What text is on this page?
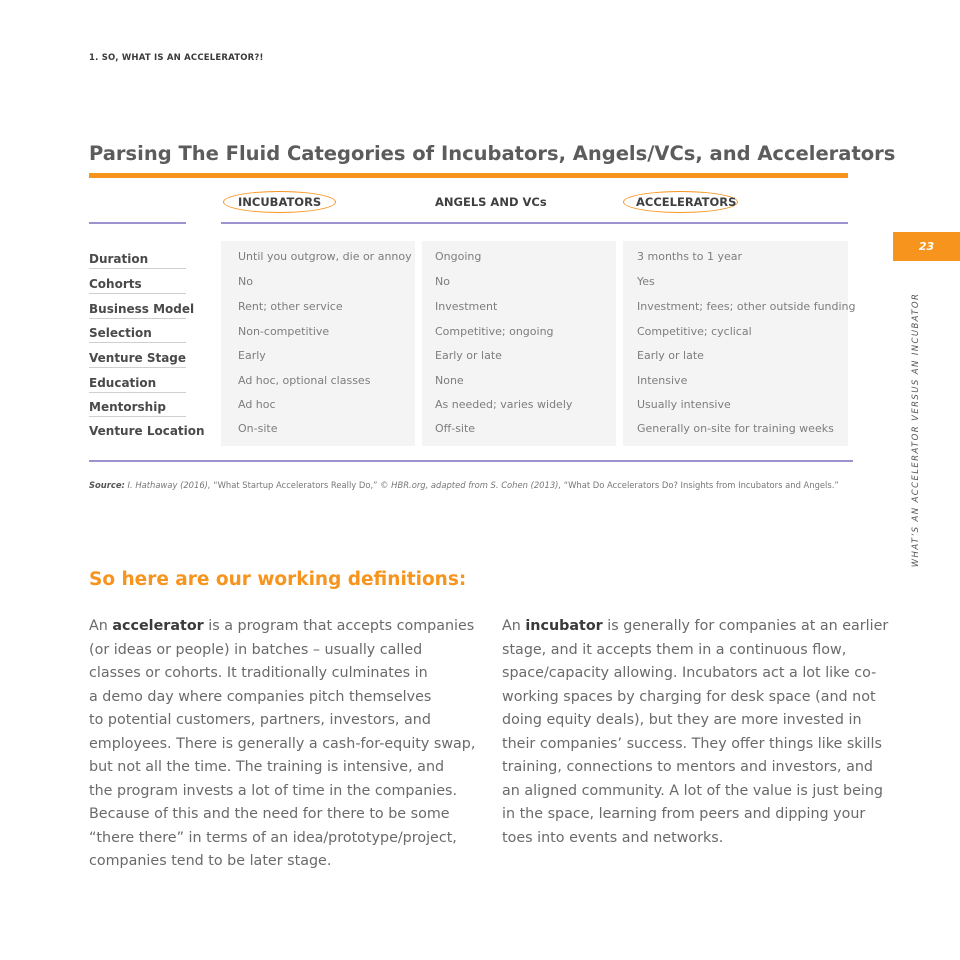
1. SO, WHAT IS AN ACCELERATOR?!
23
WHAT’S AN ACCELERATOR VERSUS AN INCUBATOR
Parsing The Fluid Categories of Incubators, Angels/VCs, and Accelerators
INCUBATORS	ANGELS AND VCs	ACCELERATORS
Duration
Cohorts
Business Model
Selection
Venture Stage
Education
Mentorship
Venture Location
Until you outgrow, die or annoy
No
Rent; other service
Non-competitive
Early
Ad hoc, optional classes
Ad hoc
On-site
Ongoing
No
Investment
Competitive; ongoing
Early or late
None
As needed; varies widely
Off-site
3 months to 1 year
Yes
Investment; fees; other outside funding
Competitive; cyclical
Early or late
Intensive
Usually intensive
Generally on-site for training weeks
Source: I. Hathaway (2016), “What Startup Accelerators Really Do,” © HBR.org, adapted from S. Cohen (2013), “What Do Accelerators Do? Insights from Incubators and Angels.”
So here are our working definitions:
An accelerator is a program that accepts companies
(or ideas or people) in batches – usually called
classes or cohorts. It traditionally culminates in
a demo day where companies pitch themselves
to potential customers, partners, investors, and
employees. There is generally a cash-for-equity swap,
but not all the time. The training is intensive, and
the program invests a lot of time in the companies.
Because of this and the need for there to be some
“there there” in terms of an idea/prototype/project,
companies tend to be later stage.
An incubator is generally for companies at an earlier
stage, and it accepts them in a continuous flow,
space/capacity allowing. Incubators act a lot like co-
working spaces by charging for desk space (and not
doing equity deals), but they are more invested in
their companies’ success. They offer things like skills
training, connections to mentors and investors, and
an aligned community. A lot of the value is just being
in the space, learning from peers and dipping your
toes into events and networks.
